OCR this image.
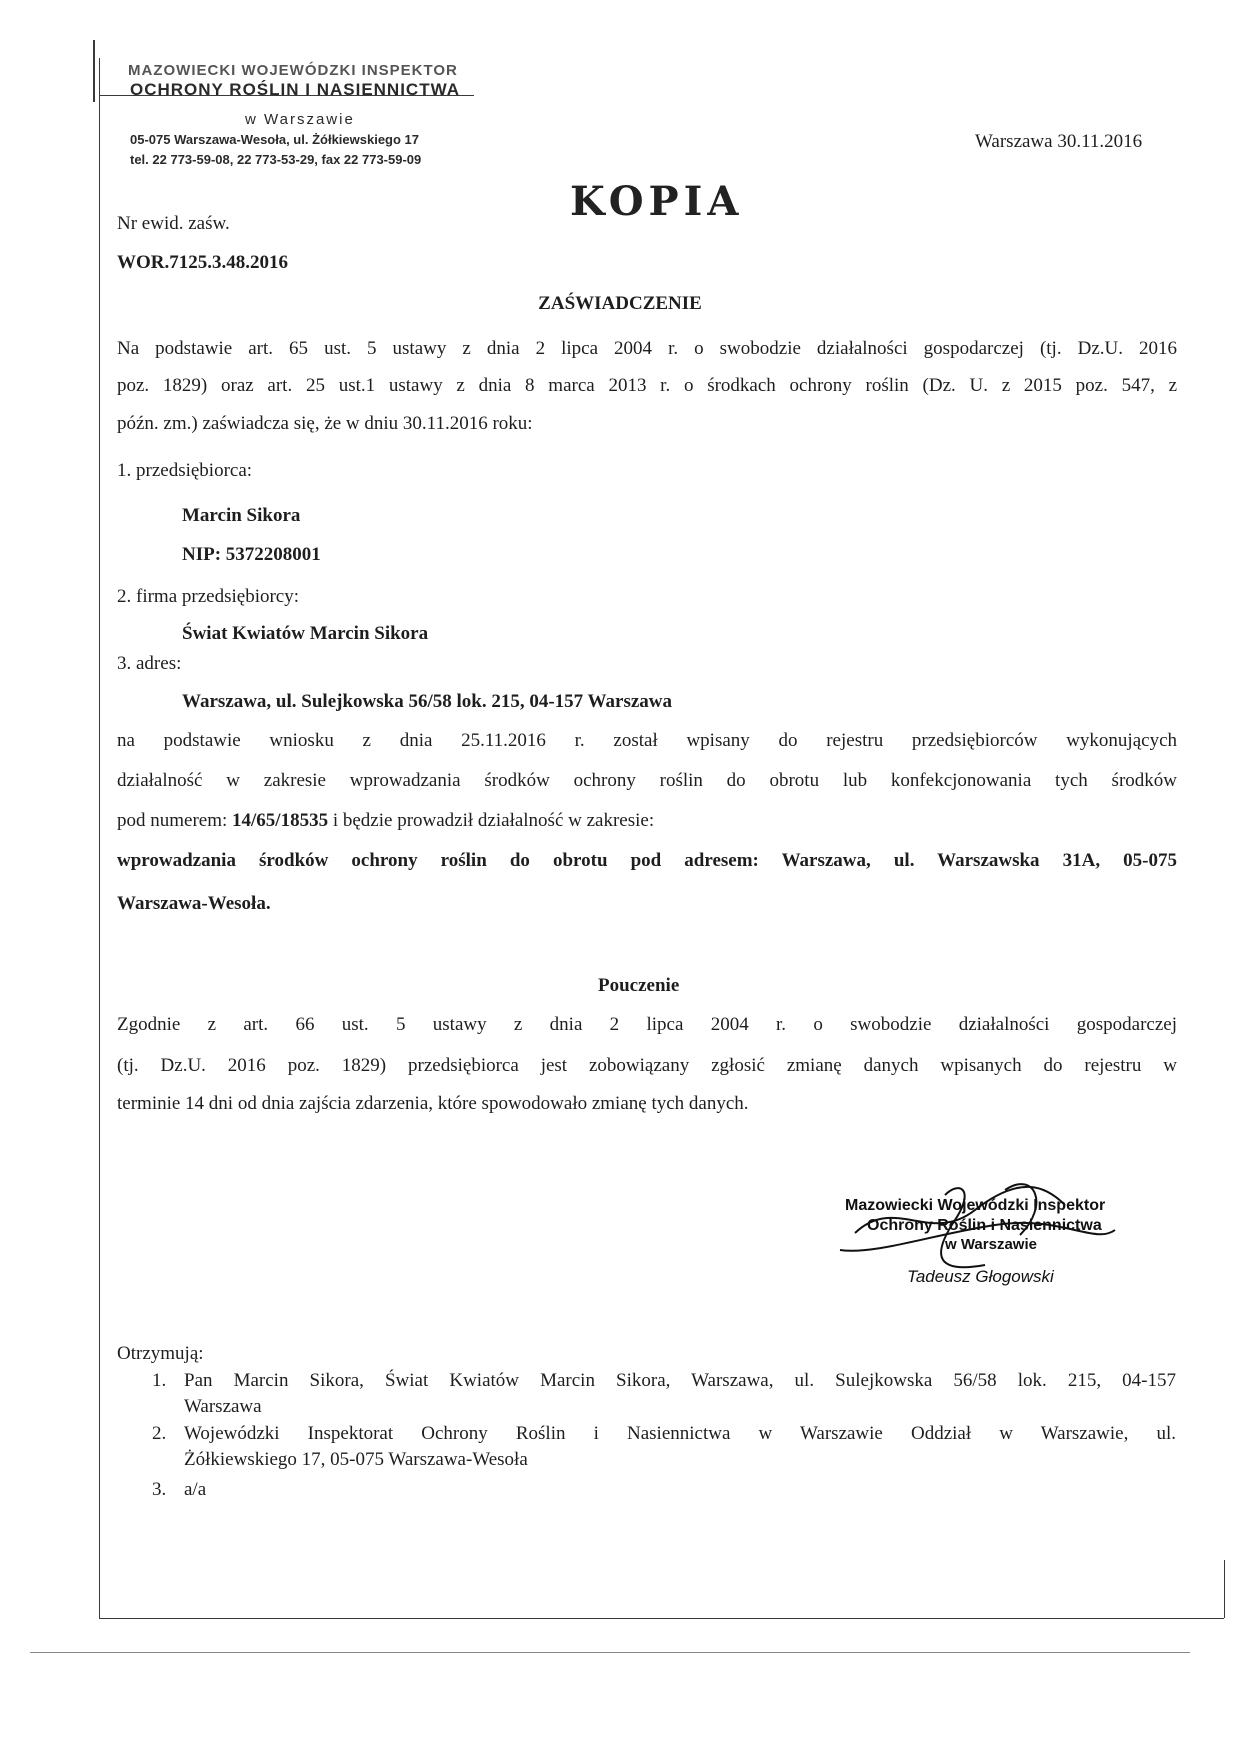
MAZOWIECKI WOJEWÓDZKI INSPEKTOR
OCHRONY ROŚLIN I NASIENNICTWA
w Warszawie
05-075 Warszawa-Wesoła, ul. Żółkiewskiego 17
tel. 22 773-59-08, 22 773-53-29, fax 22 773-59-09
Warszawa 30.11.2016
KOPIA
Nr ewid. zaśw.
WOR.7125.3.48.2016
ZAŚWIADCZENIE
Na podstawie art. 65 ust. 5 ustawy z dnia 2 lipca 2004 r. o swobodzie działalności gospodarczej (tj. Dz.U. 2016
poz. 1829) oraz art. 25 ust.1 ustawy z dnia 8 marca 2013 r. o środkach ochrony roślin (Dz. U. z 2015 poz. 547, z
późn. zm.) zaświadcza się, że w dniu 30.11.2016 roku:
1. przedsiębiorca:
Marcin Sikora
NIP: 5372208001
2. firma przedsiębiorcy:
Świat Kwiatów Marcin Sikora
3. adres:
Warszawa, ul. Sulejkowska 56/58 lok. 215, 04-157 Warszawa
na podstawie wniosku z dnia 25.11.2016 r. został wpisany do rejestru przedsiębiorców wykonujących
działalność w zakresie wprowadzania środków ochrony roślin do obrotu lub konfekcjonowania tych środków
pod numerem: 14/65/18535 i będzie prowadził działalność w zakresie:
wprowadzania środków ochrony roślin do obrotu pod adresem: Warszawa, ul. Warszawska 31A, 05-075
Warszawa-Wesoła.
Pouczenie
Zgodnie z art. 66 ust. 5 ustawy z dnia 2 lipca 2004 r. o swobodzie działalności gospodarczej
(tj. Dz.U. 2016 poz. 1829) przedsiębiorca jest zobowiązany zgłosić zmianę danych wpisanych do rejestru w
terminie 14 dni od dnia zajścia zdarzenia, które spowodowało zmianę tych danych.
Mazowiecki Wojewódzki Inspektor
Ochrony Roślin i Nasiennictwa
w Warszawie
Tadeusz Głogowski
Otrzymują:
1. Pan Marcin Sikora, Świat Kwiatów Marcin Sikora, Warszawa, ul. Sulejkowska 56/58 lok. 215, 04-157
Warszawa
2. Wojewódzki Inspektorat Ochrony Roślin i Nasiennictwa w Warszawie Oddział w Warszawie, ul.
Żółkiewskiego 17, 05-075 Warszawa-Wesoła
3. a/a
